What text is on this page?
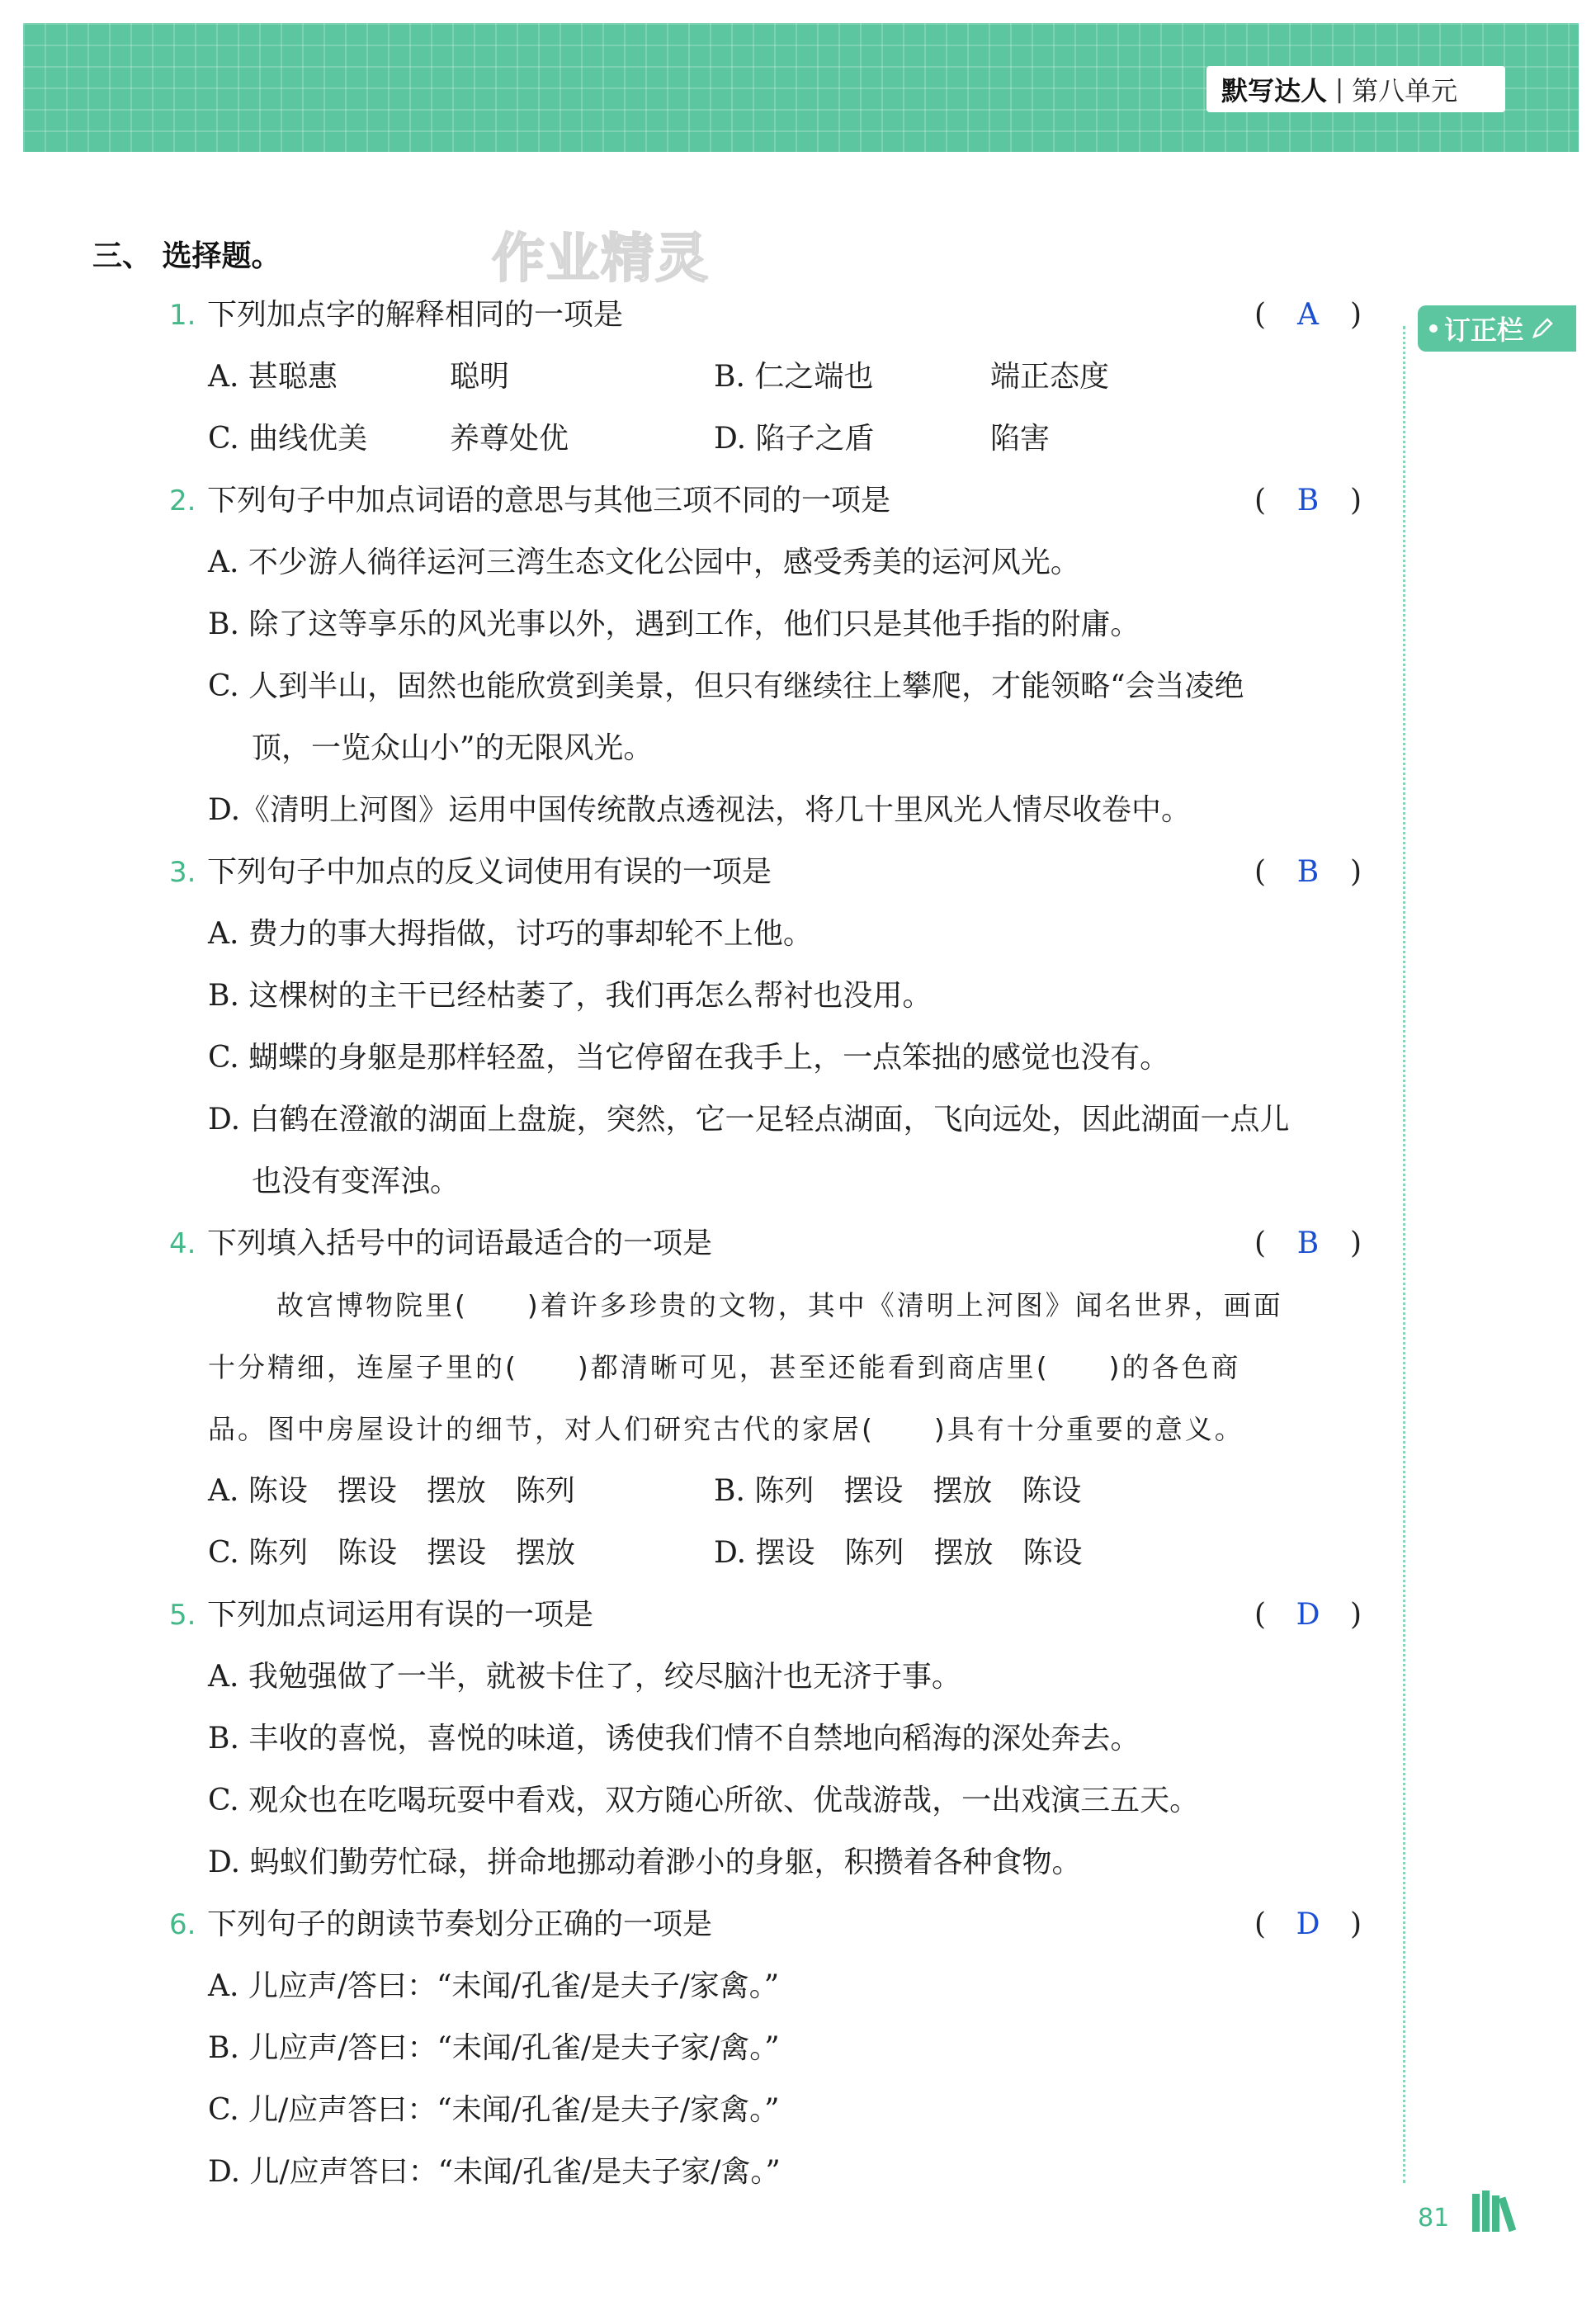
默写达人 | 第八单元
三、 选择题。	作业精灵
订正栏
1. 下列加点字的解释相同的一项是	( A )
A. 甚聪惠	聪明	B. 仁之端也	端正态度
C. 曲线优美	养尊处优	D. 陷子之盾	陷害
2. 下列句子中加点词语的意思与其他三项不同的一项是	( B )
A. 不少游人徜徉运河三湾生态文化公园中，感受秀美的运河风光。
B. 除了这等享乐的风光事以外，遇到工作，他们只是其他手指的附庸。
C. 人到半山，固然也能欣赏到美景，但只有继续往上攀爬，才能领略“会当凌绝
顶，一览众山小”的无限风光。
D.《清明上河图》运用中国传统散点透视法，将几十里风光人情尽收卷中。
3. 下列句子中加点的反义词使用有误的一项是	( B )
A. 费力的事大拇指做，讨巧的事却轮不上他。
B. 这棵树的主干已经枯萎了，我们再怎么帮衬也没用。
C. 蝴蝶的身躯是那样轻盈，当它停留在我手上，一点笨拙的感觉也没有。
D. 白鹤在澄澈的湖面上盘旋，突然，它一足轻点湖面，飞向远处，因此湖面一点儿
也没有变浑浊。
4. 下列填入括号中的词语最适合的一项是	( B )
故宫博物院里(　　)着许多珍贵的文物，其中《清明上河图》闻名世界，画面
十分精细，连屋子里的(　　)都清晰可见，甚至还能看到商店里(　　)的各色商
品。图中房屋设计的细节，对人们研究古代的家居(　　)具有十分重要的意义。
A. 陈设　摆设　摆放　陈列	B. 陈列　摆设　摆放　陈设
C. 陈列　陈设　摆设　摆放	D. 摆设　陈列　摆放　陈设
5. 下列加点词运用有误的一项是	( D )
A. 我勉强做了一半，就被卡住了，绞尽脑汁也无济于事。
B. 丰收的喜悦，喜悦的味道，诱使我们情不自禁地向稻海的深处奔去。
C. 观众也在吃喝玩耍中看戏，双方随心所欲、优哉游哉，一出戏演三五天。
D. 蚂蚁们勤劳忙碌，拼命地挪动着渺小的身躯，积攒着各种食物。
6. 下列句子的朗读节奏划分正确的一项是	( D )
A. 儿应声/答曰：“未闻/孔雀/是夫子/家禽。”
B. 儿应声/答曰：“未闻/孔雀/是夫子家/禽。”
C. 儿/应声答曰：“未闻/孔雀/是夫子/家禽。”
D. 儿/应声答曰：“未闻/孔雀/是夫子家/禽。”
81
